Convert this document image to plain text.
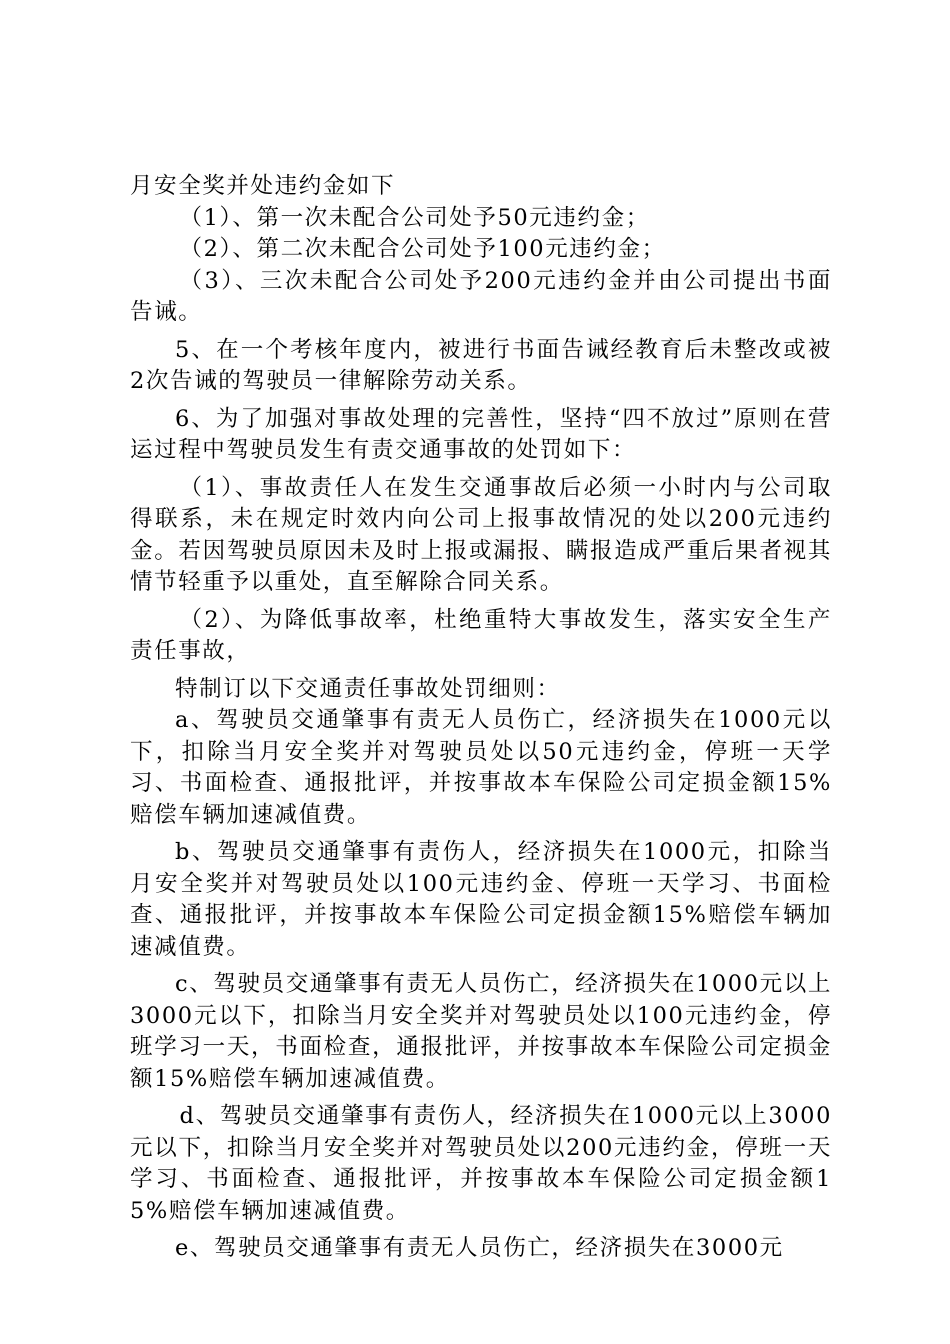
月安全奖并处违约金如下

（1）、第一次未配合公司处予50元违约金；

（2）、第二次未配合公司处予100元违约金；

（3）、三次未配合公司处予200元违约金并由公司提出书面告诫。

5、在一个考核年度内，被进行书面告诫经教育后未整改或被2次告诫的驾驶员一律解除劳动关系。

6、为了加强对事故处理的完善性，坚持“四不放过”原则在营运过程中驾驶员发生有责交通事故的处罚如下：

（1）、事故责任人在发生交通事故后必须一小时内与公司取得联系，未在规定时效内向公司上报事故情况的处以200元违约金。若因驾驶员原因未及时上报或漏报、瞒报造成严重后果者视其情节轻重予以重处，直至解除合同关系。

（2）、为降低事故率，杜绝重特大事故发生，落实安全生产责任事故，

特制订以下交通责任事故处罚细则：

a、驾驶员交通肇事有责无人员伤亡，经济损失在1000元以下，扣除当月安全奖并对驾驶员处以50元违约金，停班一天学习、书面检查、通报批评，并按事故本车保险公司定损金额15%赔偿车辆加速减值费。

b、驾驶员交通肇事有责伤人，经济损失在1000元，扣除当月安全奖并对驾驶员处以100元违约金、停班一天学习、书面检查、通报批评，并按事故本车保险公司定损金额15%赔偿车辆加速减值费。

c、驾驶员交通肇事有责无人员伤亡，经济损失在1000元以上3000元以下，扣除当月安全奖并对驾驶员处以100元违约金，停班学习一天，书面检查，通报批评，并按事故本车保险公司定损金额15%赔偿车辆加速减值费。

d、驾驶员交通肇事有责伤人，经济损失在1000元以上3000元以下，扣除当月安全奖并对驾驶员处以200元违约金，停班一天学习、书面检查、通报批评，并按事故本车保险公司定损金额15%赔偿车辆加速减值费。

e、驾驶员交通肇事有责无人员伤亡，经济损失在3000元
